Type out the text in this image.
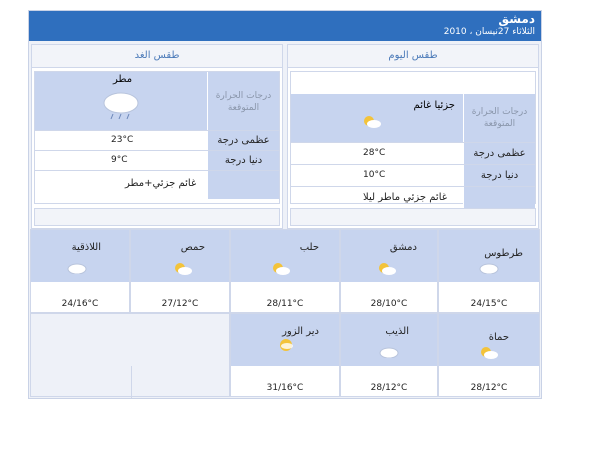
دمشق
الثلاثاء 27نيسان ، 2010
طقس اليوم
درجات الحرارة المتوقعة
جزئيا غائم
عظمى درجة
28°C
دنيا درجة
10°C
غائم جزئي ماطر ليلا
طقس الغد
درجات الحرارة المتوقعة
مطر
عظمى درجة
23°C
دنيا درجة
9°C
غائم جزئي+مطر
طرطوس
24/15°C
دمشق
28/10°C
حلب
28/11°C
حمص
27/12°C
اللاذقية
24/16°C
حماة
28/12°C
الذيب
28/12°C
دير الزور
31/16°C
